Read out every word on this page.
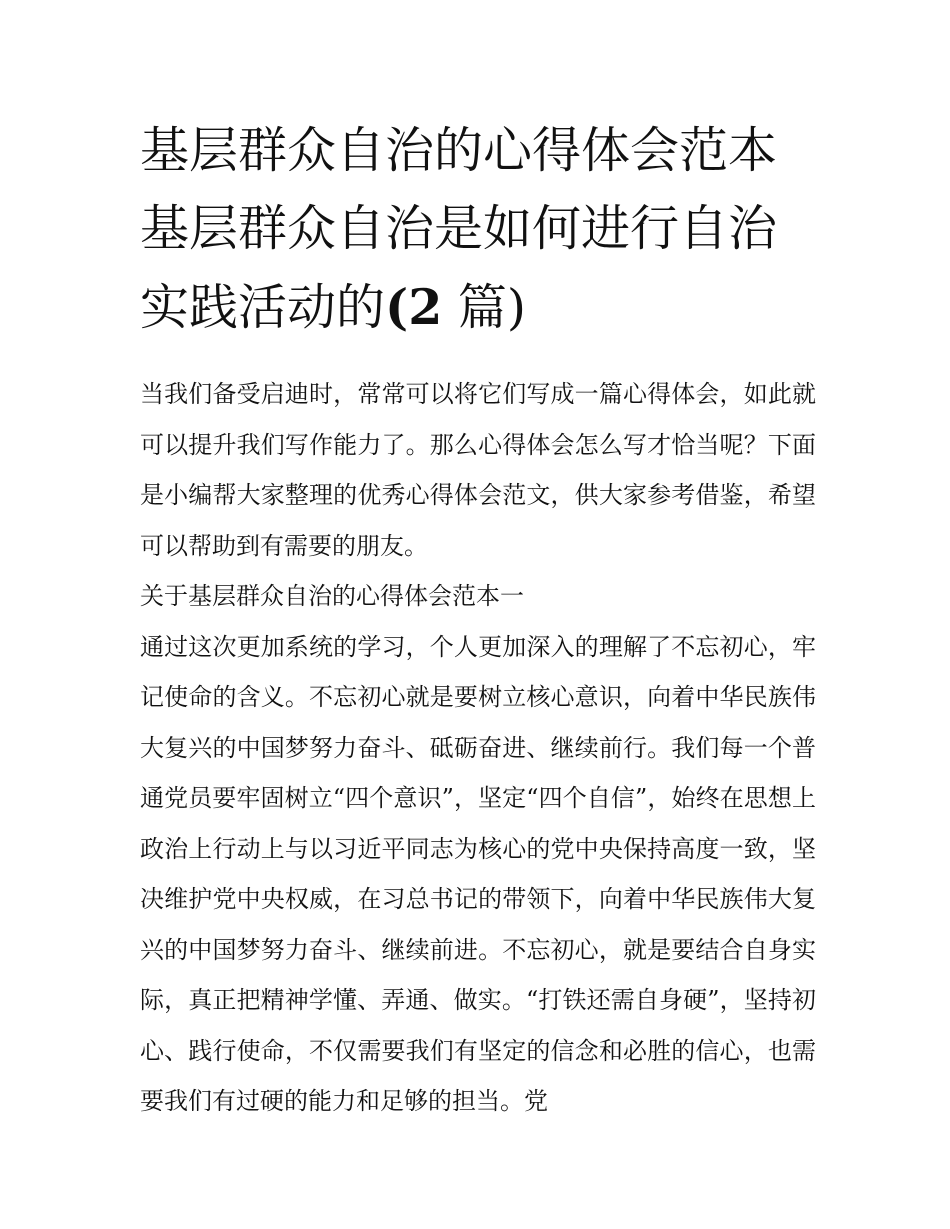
基层群众自治的心得体会范本基层群众自治是如何进行自治实践活动的(2 篇)

当我们备受启迪时，常常可以将它们写成一篇心得体会，如此就可以提升我们写作能力了。那么心得体会怎么写才恰当呢？下面是小编帮大家整理的优秀心得体会范文，供大家参考借鉴，希望可以帮助到有需要的朋友。

关于基层群众自治的心得体会范本一

通过这次更加系统的学习，个人更加深入的理解了不忘初心，牢记使命的含义。不忘初心就是要树立核心意识，向着中华民族伟大复兴的中国梦努力奋斗、砥砺奋进、继续前行。我们每一个普通党员要牢固树立“四个意识”，坚定“四个自信”，始终在思想上政治上行动上与以习近平同志为核心的党中央保持高度一致，坚决维护党中央权威，在习总书记的带领下，向着中华民族伟大复兴的中国梦努力奋斗、继续前进。不忘初心，就是要结合自身实际，真正把精神学懂、弄通、做实。“打铁还需自身硬”，坚持初心、践行使命，不仅需要我们有坚定的信念和必胜的信心，也需要我们有过硬的能力和足够的担当。党
